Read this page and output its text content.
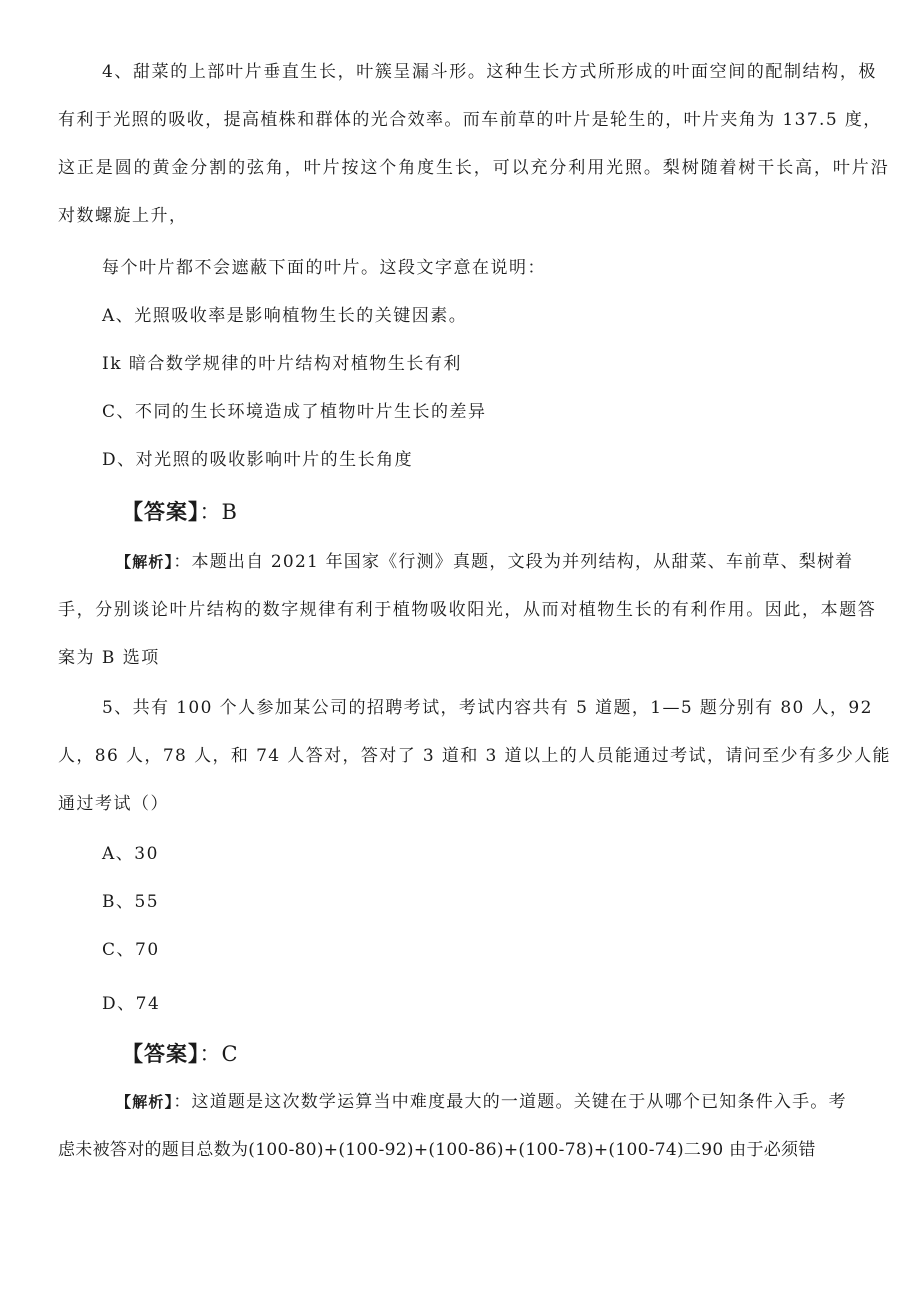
4、甜菜的上部叶片垂直生长，叶簇呈漏斗形。这种生长方式所形成的叶面空间的配制结构，极
有利于光照的吸收，提高植株和群体的光合效率。而车前草的叶片是轮生的，叶片夹角为 137.5 度，
这正是圆的黄金分割的弦角，叶片按这个角度生长，可以充分利用光照。梨树随着树干长高，叶片沿
对数螺旋上升，
每个叶片都不会遮蔽下面的叶片。这段文字意在说明：
A、光照吸收率是影响植物生长的关键因素。
Ik 暗合数学规律的叶片结构对植物生长有利
C、不同的生长环境造成了植物叶片生长的差异
D、对光照的吸收影响叶片的生长角度
【答案】：B
【解析】：本题出自 2021 年国家《行测》真题，文段为并列结构，从甜菜、车前草、梨树着
手，分别谈论叶片结构的数字规律有利于植物吸收阳光，从而对植物生长的有利作用。因此，本题答
案为 B 选项
5、共有 100 个人参加某公司的招聘考试，考试内容共有 5 道题，1—5 题分别有 80 人，92
人，86 人，78 人，和 74 人答对，答对了 3 道和 3 道以上的人员能通过考试，请问至少有多少人能
通过考试（）
A、30
B、55
C、70
D、74
【答案】：C
【解析】：这道题是这次数学运算当中难度最大的一道题。关键在于从哪个已知条件入手。考
虑未被答对的题目总数为(100-80)+(100-92)+(100-86)+(100-78)+(100-74)二90 由于必须错
